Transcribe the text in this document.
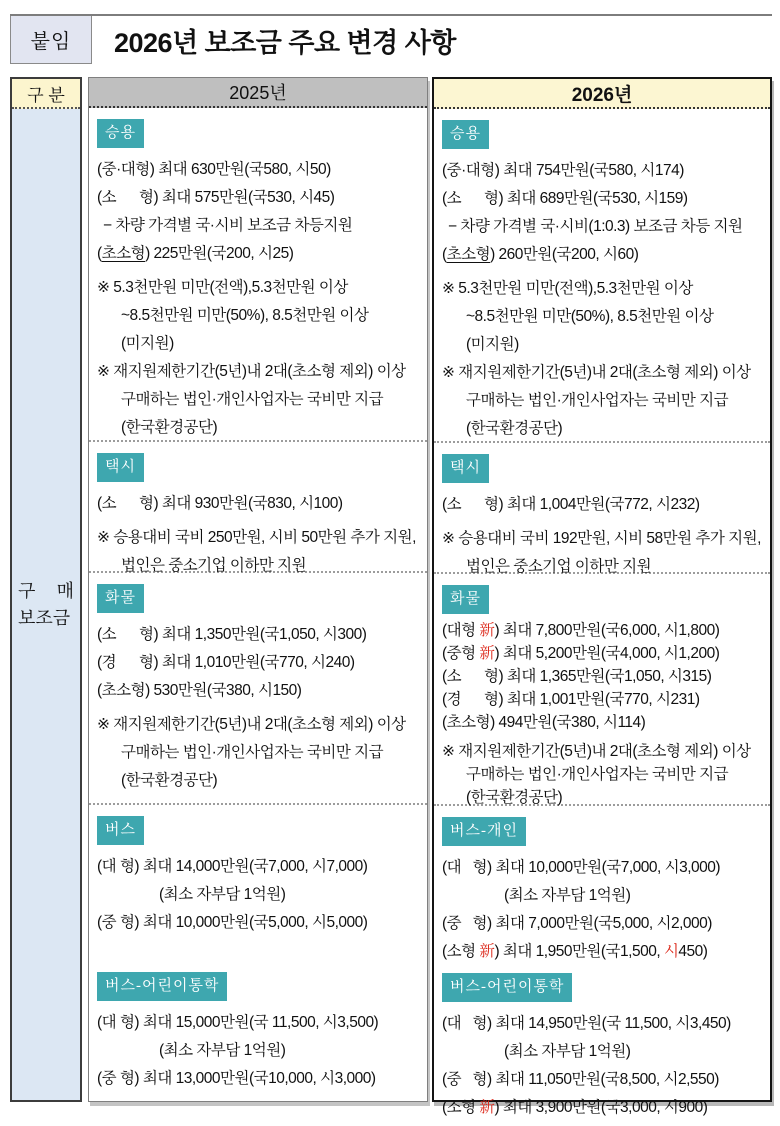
붙임	2026년 보조금 주요 변경 사항
구 분
구 매
보조금
2025년
승용
(중·대형) 최대 630만원(국580, 시50)
(소      형) 최대 575만원(국530, 시45)
− 차량 가격별 국·시비 보조금 차등지원
(초소형) 225만원(국200, 시25)
※ 5.3천만원 미만(전액),5.3천만원 이상 ~8.5천만원 미만(50%), 8.5천만원 이상(미지원)
※ 재지원제한기간(5년)내 2대(초소형 제외) 이상 구매하는 법인·개인사업자는 국비만 지급(한국환경공단)
택시
(소      형) 최대 930만원(국830, 시100)
※ 승용대비 국비 250만원, 시비 50만원 추가 지원, 법인은 중소기업 이하만 지원
화물
(소      형) 최대 1,350만원(국1,050, 시300)
(경      형) 최대 1,010만원(국770, 시240)
(초소형) 530만원(국380, 시150)
※ 재지원제한기간(5년)내 2대(초소형 제외) 이상 구매하는 법인·개인사업자는 국비만 지급(한국환경공단)
버스
(대 형) 최대 14,000만원(국7,000, 시7,000)
(최소 자부담 1억원)
(중 형) 최대 10,000만원(국5,000, 시5,000)
버스-어린이통학
(대 형) 최대 15,000만원(국 11,500, 시3,500)
(최소 자부담 1억원)
(중 형) 최대 13,000만원(국10,000, 시3,000)
2026년
승용
(중·대형) 최대 754만원(국580, 시174)
(소      형) 최대 689만원(국530, 시159)
− 차량 가격별 국·시비(1:0.3) 보조금 차등 지원
(초소형) 260만원(국200, 시60)
※ 5.3천만원 미만(전액),5.3천만원 이상 ~8.5천만원 미만(50%), 8.5천만원 이상(미지원)
※ 재지원제한기간(5년)내 2대(초소형 제외) 이상 구매하는 법인·개인사업자는 국비만 지급(한국환경공단)
택시
(소      형) 최대 1,004만원(국772, 시232)
※ 승용대비 국비 192만원, 시비 58만원 추가 지원, 법인은 중소기업 이하만 지원
화물
(대형 新) 최대 7,800만원(국6,000, 시1,800)
(중형 新) 최대 5,200만원(국4,000, 시1,200)
(소      형) 최대 1,365만원(국1,050, 시315)
(경      형) 최대 1,001만원(국770, 시231)
(초소형) 494만원(국380, 시114)
※ 재지원제한기간(5년)내 2대(초소형 제외) 이상 구매하는 법인·개인사업자는 국비만 지급(한국환경공단)
버스-개인
(대   형) 최대 10,000만원(국7,000, 시3,000)
(최소 자부담 1억원)
(중   형) 최대 7,000만원(국5,000, 시2,000)
(소형 新) 최대 1,950만원(국1,500, 시450)
버스-어린이통학
(대   형) 최대 14,950만원(국 11,500, 시3,450)
(최소 자부담 1억원)
(중   형) 최대 11,050만원(국8,500, 시2,550)
(소형 新) 최대 3,900만원(국3,000, 시900)
